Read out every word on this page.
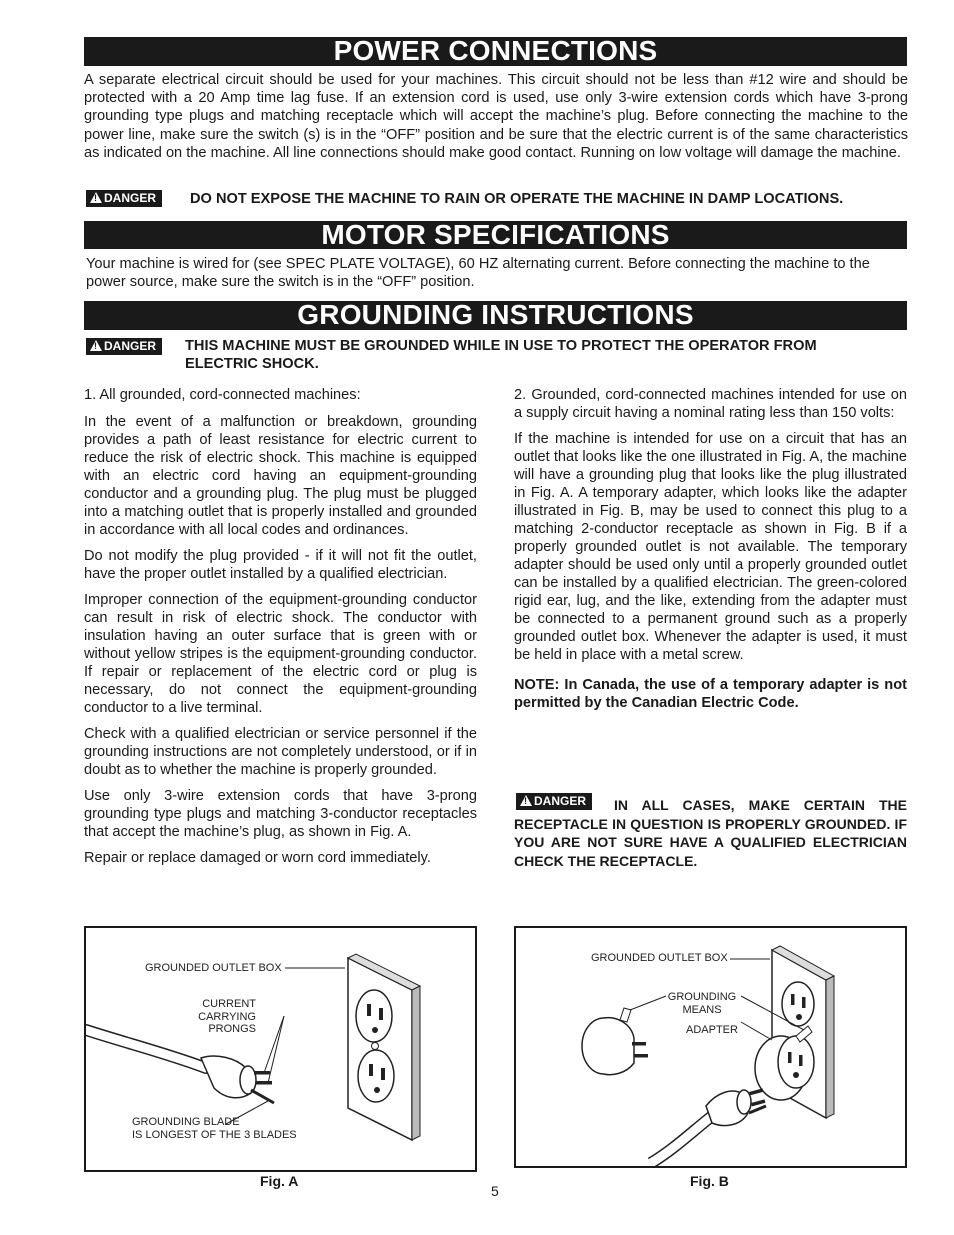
POWER CONNECTIONS
A separate electrical circuit should be used for your machines. This circuit should not be less than #12 wire and should be protected with a 20 Amp time lag fuse. If an extension cord is used, use only 3-wire extension cords which have 3-prong grounding type plugs and matching receptacle which will accept the machine’s plug. Before connecting the machine to the power line, make sure the switch (s) is in the “OFF” position and be sure that the electric current is of the same characteristics as indicated on the machine. All line connections should make good contact. Running on low voltage will damage the machine.
!DANGER	DO NOT EXPOSE THE MACHINE TO RAIN OR OPERATE THE MACHINE IN DAMP LOCATIONS.
MOTOR SPECIFICATIONS
Your machine is wired for (see SPEC PLATE VOLTAGE), 60 HZ alternating current. Before connecting the machine to the power source, make sure the switch is in the “OFF” position.
GROUNDING INSTRUCTIONS
!DANGER	THIS MACHINE MUST BE GROUNDED WHILE IN USE TO PROTECT THE OPERATOR FROM ELECTRIC SHOCK.

1. All grounded, cord-connected machines:

In the event of a malfunction or breakdown, grounding provides a path of least resistance for electric current to reduce the risk of electric shock. This machine is equipped with an electric cord having an equipment-grounding conductor and a grounding plug. The plug must be plugged into a matching outlet that is properly installed and grounded in accordance with all local codes and ordinances.

Do not modify the plug provided - if it will not fit the outlet, have the proper outlet installed by a qualified electrician.

Improper connection of the equipment-grounding conductor can result in risk of electric shock. The conductor with insulation having an outer surface that is green with or without yellow stripes is the equipment-grounding conductor. If repair or replacement of the electric cord or plug is necessary, do not connect the equipment-grounding conductor to a live terminal.

Check with a qualified electrician or service personnel if the grounding instructions are not completely understood, or if in doubt as to whether the machine is properly grounded.

Use only 3-wire extension cords that have 3-prong grounding type plugs and matching 3-conductor receptacles that accept the machine’s plug, as shown in Fig. A.

Repair or replace damaged or worn cord immediately.

2. Grounded, cord-connected machines intended for use on a supply circuit having a nominal rating less than 150 volts:

If the machine is intended for use on a circuit that has an outlet that looks like the one illustrated in Fig. A, the machine will have a grounding plug that looks like the plug illustrated in Fig. A. A temporary adapter, which looks like the adapter illustrated in Fig. B, may be used to connect this plug to a matching 2-conductor receptacle as shown in Fig. B if a properly grounded outlet is not available. The temporary adapter should be used only until a properly grounded outlet can be installed by a qualified electrician. The green-colored rigid ear, lug, and the like, extending from the adapter must be connected to a permanent ground such as a properly grounded outlet box. Whenever the adapter is used, it must be held in place with a metal screw.

NOTE: In Canada, the use of a temporary adapter is not permitted by the Canadian Electric Code.

!DANGER	IN ALL CASES, MAKE CERTAIN THE RECEPTACLE IN QUESTION IS PROPERLY GROUNDED. IF YOU ARE NOT SURE HAVE A QUALIFIED ELECTRICIAN CHECK THE RECEPTACLE.
GROUNDED OUTLET BOX
CURRENT
CARRYING
PRONGS
GROUNDING BLADE
IS LONGEST OF THE 3 BLADES
Fig. A
GROUNDED OUTLET BOX
GROUNDING
MEANS
ADAPTER
Fig. B
5
